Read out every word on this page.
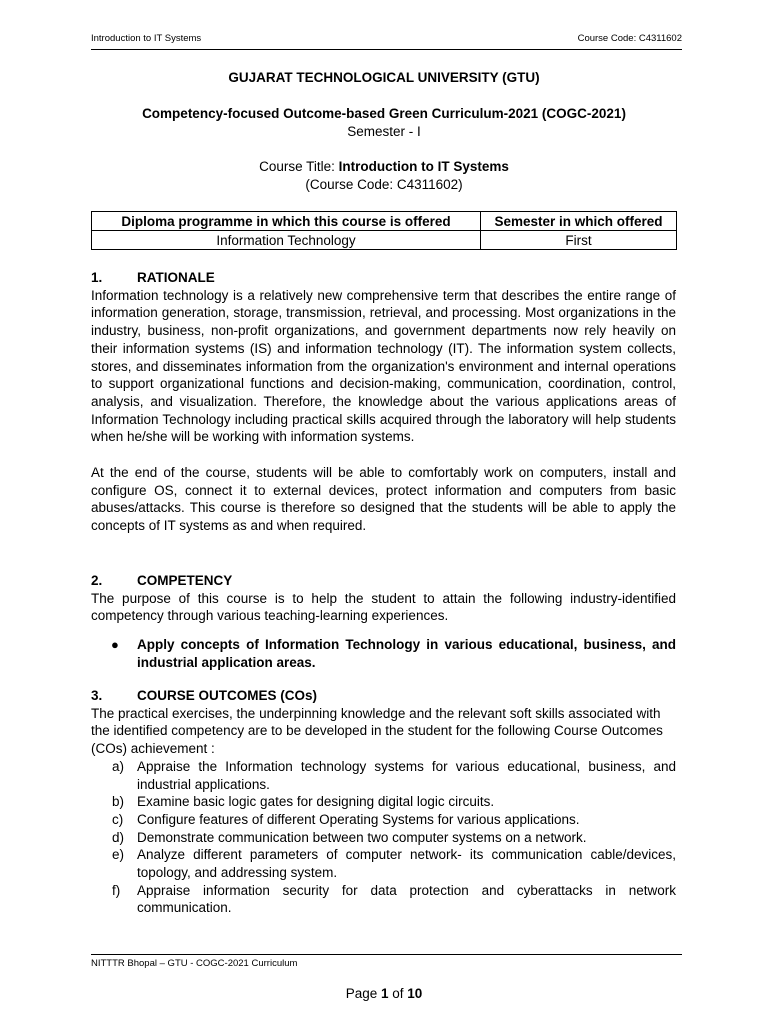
Introduction to IT Systems	Course Code: C4311602
GUJARAT TECHNOLOGICAL UNIVERSITY (GTU)
Competency-focused Outcome-based Green Curriculum-2021 (COGC-2021)
Semester - I
Course Title: Introduction to IT Systems
(Course Code: C4311602)
Diploma programme in which this course is offered	Semester in which offered
Information Technology	First
1.	RATIONALE

Information technology is a relatively new comprehensive term that describes the entire range of information generation, storage, transmission, retrieval, and processing. Most organizations in the industry, business, non-profit organizations, and government departments now rely heavily on their information systems (IS) and information technology (IT). The information system collects, stores, and disseminates information from the organization's environment and internal operations to support organizational functions and decision-making, communication, coordination, control, analysis, and visualization. Therefore, the knowledge about the various applications areas of Information Technology including practical skills acquired through the laboratory will help students when he/she will be working with information systems.

At the end of the course, students will be able to comfortably work on computers, install and configure OS, connect it to external devices, protect information and computers from basic abuses/attacks. This course is therefore so designed that the students will be able to apply the concepts of IT systems as and when required.

2.	COMPETENCY

The purpose of this course is to help the student to attain the following industry-identified competency through various teaching-learning experiences.

●	Apply concepts of Information Technology in various educational, business, and industrial application areas.
3.	COURSE OUTCOMES (COs)

The practical exercises, the underpinning knowledge and the relevant soft skills associated with the identified competency are to be developed in the student for the following Course Outcomes (COs) achievement :

a) Appraise the Information technology systems for various educational, business, and industrial applications.
b) Examine basic logic gates for designing digital logic circuits.
c)	Configure features of different Operating Systems for various applications.
d) Demonstrate communication between two computer systems on a network.
e) Analyze different parameters of computer network- its communication cable/devices, topology, and addressing system.
f)	Appraise information security for data protection and cyberattacks in network communication.
NITTTR Bhopal – GTU - COGC-2021 Curriculum
Page 1 of 10
